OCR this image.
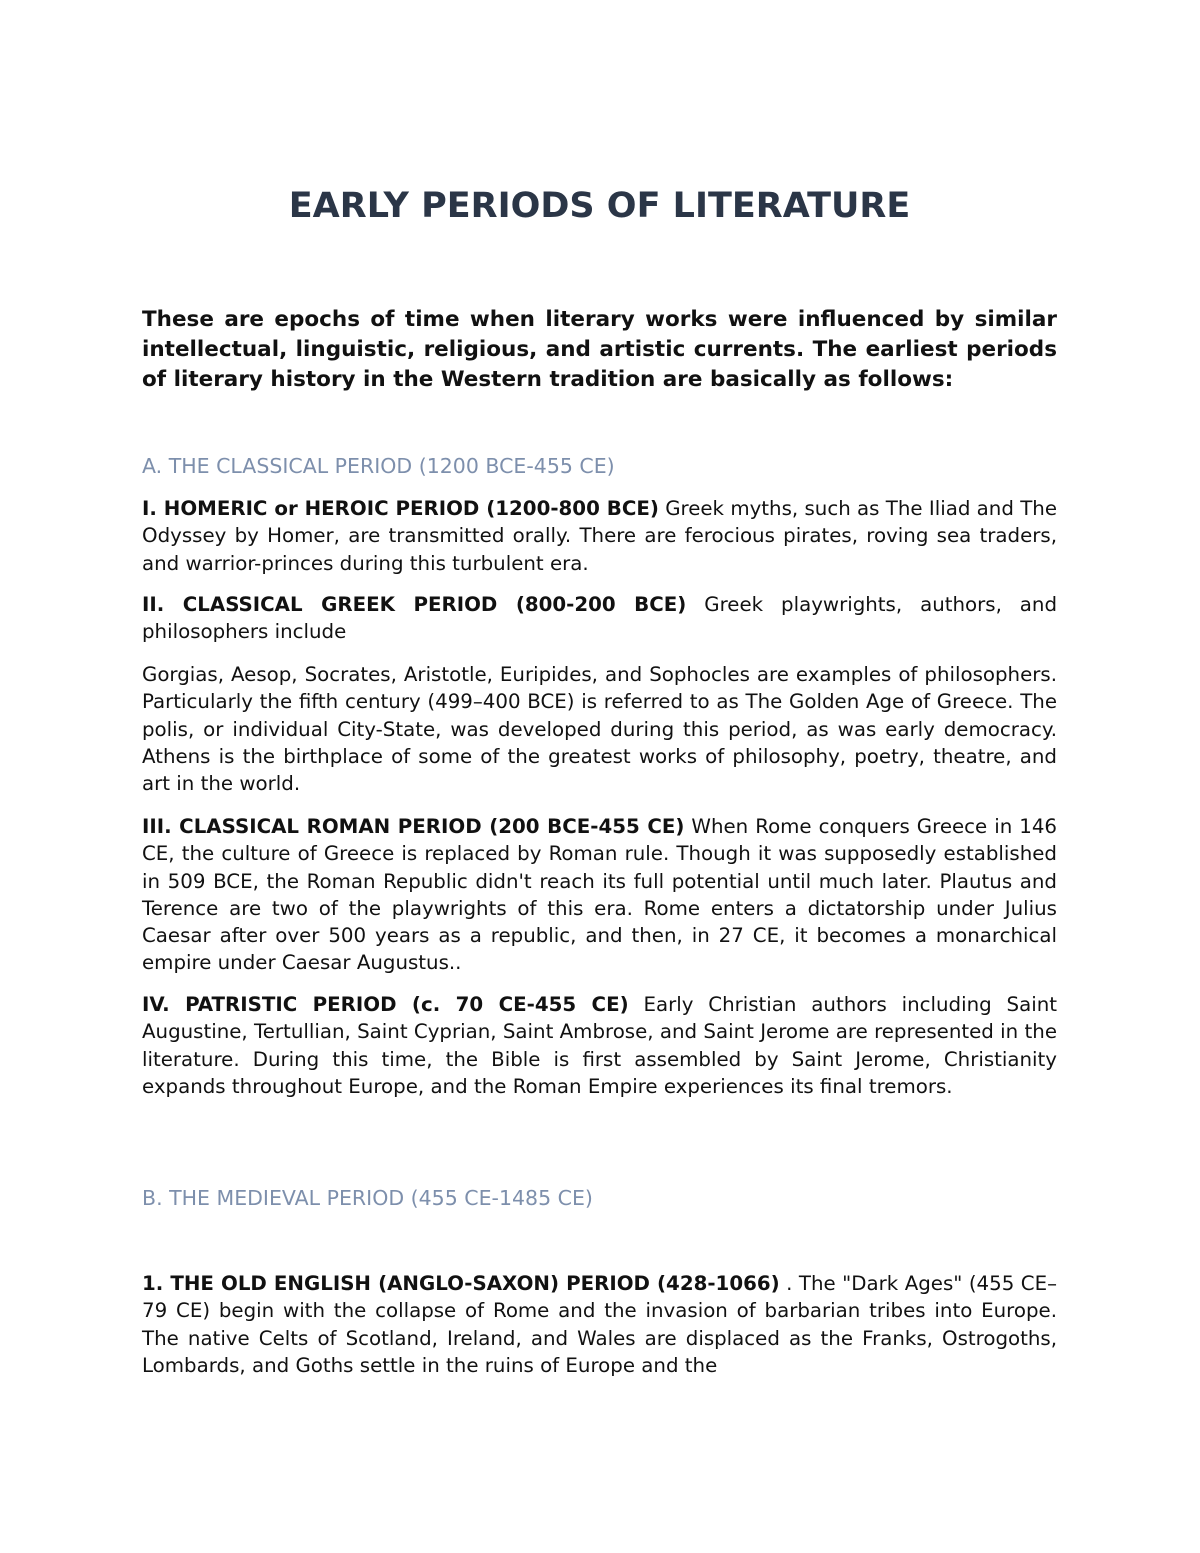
EARLY PERIODS OF LITERATURE

These are epochs of time when literary works were influenced by similar intellectual, linguistic, religious, and artistic currents. The earliest periods of literary history in the Western tradition are basically as follows:

A. THE CLASSICAL PERIOD (1200 BCE-455 CE)

I. HOMERIC or HEROIC PERIOD (1200-800 BCE) Greek myths, such as The Iliad and The Odyssey by Homer, are transmitted orally. There are ferocious pirates, roving sea traders, and warrior-princes during this turbulent era.

II. CLASSICAL GREEK PERIOD (800-200 BCE) Greek playwrights, authors, and philosophers include

Gorgias, Aesop, Socrates, Aristotle, Euripides, and Sophocles are examples of philosophers. Particularly the fifth century (499–400 BCE) is referred to as The Golden Age of Greece. The polis, or individual City-State, was developed during this period, as was early democracy. Athens is the birthplace of some of the greatest works of philosophy, poetry, theatre, and art in the world.

III. CLASSICAL ROMAN PERIOD (200 BCE-455 CE) When Rome conquers Greece in 146 CE, the culture of Greece is replaced by Roman rule. Though it was supposedly established in 509 BCE, the Roman Republic didn't reach its full potential until much later. Plautus and Terence are two of the playwrights of this era. Rome enters a dictatorship under Julius Caesar after over 500 years as a republic, and then, in 27 CE, it becomes a monarchical empire under Caesar Augustus..

IV. PATRISTIC PERIOD (c. 70 CE-455 CE) Early Christian authors including Saint Augustine, Tertullian, Saint Cyprian, Saint Ambrose, and Saint Jerome are represented in the literature. During this time, the Bible is first assembled by Saint Jerome, Christianity expands throughout Europe, and the Roman Empire experiences its final tremors.

B. THE MEDIEVAL PERIOD (455 CE-1485 CE)

1. THE OLD ENGLISH (ANGLO-SAXON) PERIOD (428-1066) . The "Dark Ages" (455 CE–79 CE) begin with the collapse of Rome and the invasion of barbarian tribes into Europe. The native Celts of Scotland, Ireland, and Wales are displaced as the Franks, Ostrogoths, Lombards, and Goths settle in the ruins of Europe and the
